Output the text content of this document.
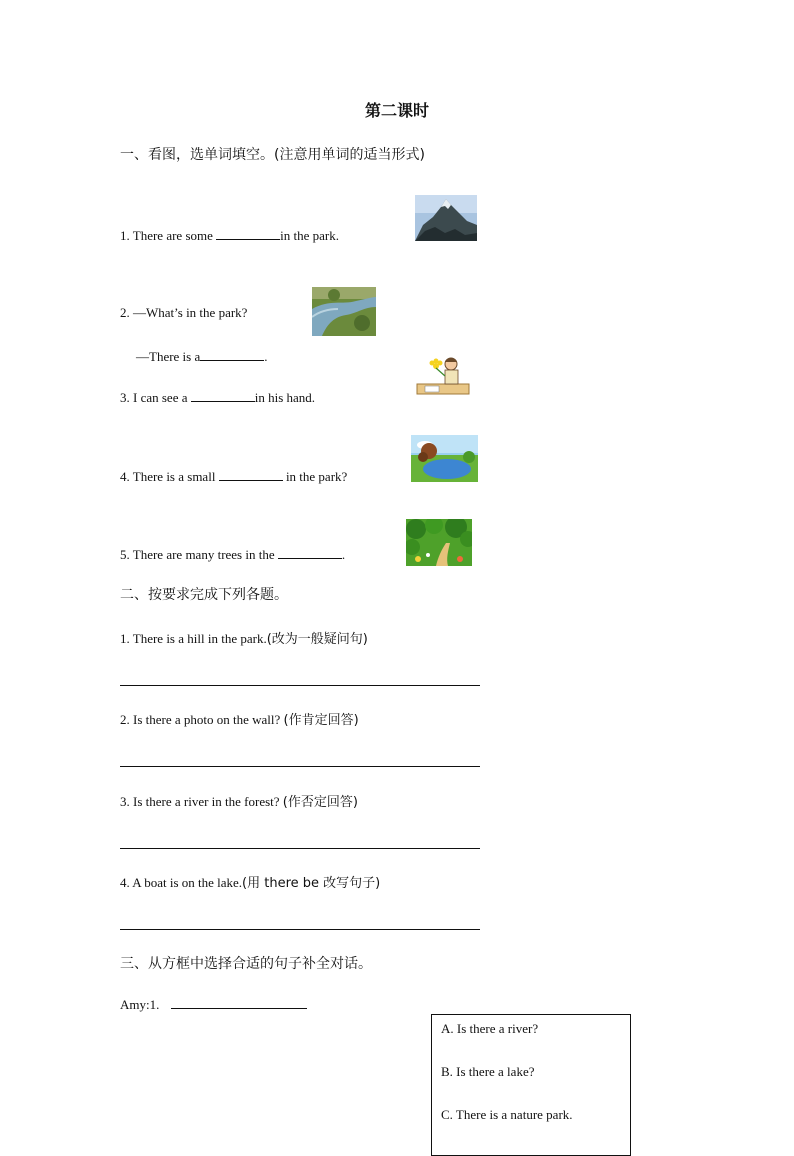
第二课时
一、看图，选单词填空。(注意用单词的适当形式)
1. There are some	in the park.
2. —What’s in the park?
—There is a	.
3. I can see a	in his hand.
4. There is a small	in the park?
5. There are many trees in the	.
二、按要求完成下列各题。
1. There is a hill in the park.(改为一般疑问句)
2. Is there a photo on the wall? (作肯定回答)
3. Is there a river in the forest? (作否定回答)
4. A boat is on the lake.(用 there be 改写句子)
三、从方框中选择合适的句子补全对话。
Amy:1.
A. Is there a river?
B. Is there a lake?
C. There is a nature park.
